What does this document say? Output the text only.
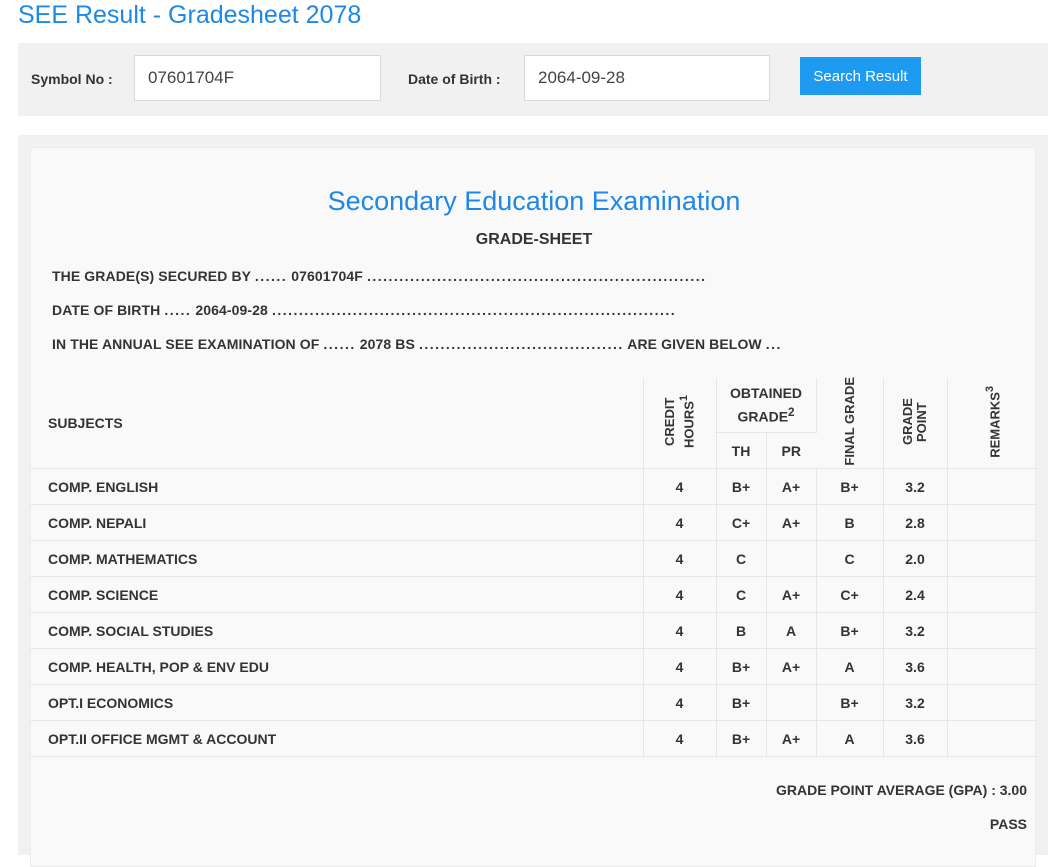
SEE Result - Gradesheet 2078
Symbol No :
07601704F	Date of Birth :
2064-09-28	Search Result
Secondary Education Examination
GRADE-SHEET
THE GRADE(S) SECURED BY ...... 07601704F ...............................................................
DATE OF BIRTH ..... 2064-09-28 ...........................................................................
IN THE ANNUAL SEE EXAMINATION OF ...... 2078 BS ...................................... ARE GIVEN BELOW ...
SUBJECTS	CREDIT HOURS$^1$	OBTAINED GRADE$^2$		FINAL GRADE	GRADE POINT	REMARKS$^3$
		TH	PR			
COMP. ENGLISH	4	B+	A+	B+	3.2	
COMP. NEPALI	4	C+	A+	B	2.8	
COMP. MATHEMATICS	4	C		C	2.0	
COMP. SCIENCE	4	C	A+	C+	2.4	
COMP. SOCIAL STUDIES	4	B	A	B+	3.2	
COMP. HEALTH, POP & ENV EDU	4	B+	A+	A	3.6	
OPT.I ECONOMICS	4	B+		B+	3.2	
OPT.II OFFICE MGMT & ACCOUNT	4	B+	A+	A	3.6	
GRADE POINT AVERAGE (GPA) : 3.00
PASS
